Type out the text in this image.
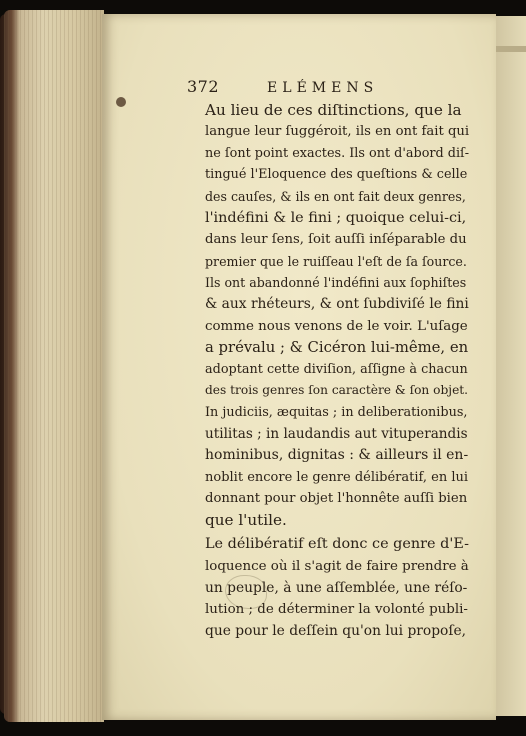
372	ELÉMENS

Au lieu de ces diſtinctions, que la
langue leur ſuggéroit, ils en ont fait qui
ne ſont point exactes. Ils ont d'abord diſ-
tingué l'Eloquence des queſtions & celle
des cauſes, & ils en ont fait deux genres,
l'indéfini & le fini ; quoique celui-ci,
dans leur ſens, ſoit auſſi inſéparable du
premier que le ruiſſeau l'eſt de ſa ſource.
Ils ont abandonné l'indéfini aux ſophiſtes
& aux rhéteurs, & ont ſubdiviſé le fini
comme nous venons de le voir. L'uſage
a prévalu ; & Cicéron lui-même, en
adoptant cette diviſion, aſſigne à chacun
des trois genres ſon caractère & ſon objet.
In judiciis, æquitas ; in deliberationibus,
utilitas ; in laudandis aut vituperandis
hominibus, dignitas : & ailleurs il en-
noblit encore le genre délibératif, en lui
donnant pour objet l'honnête auſſi bien
que l'utile.

Le délibératif eſt donc ce genre d'E-
loquence où il s'agit de faire prendre à
un peuple, à une aſſemblée, une réſo-
lution ; de déterminer la volonté publi-
que pour le deſſein qu'on lui propoſe,
